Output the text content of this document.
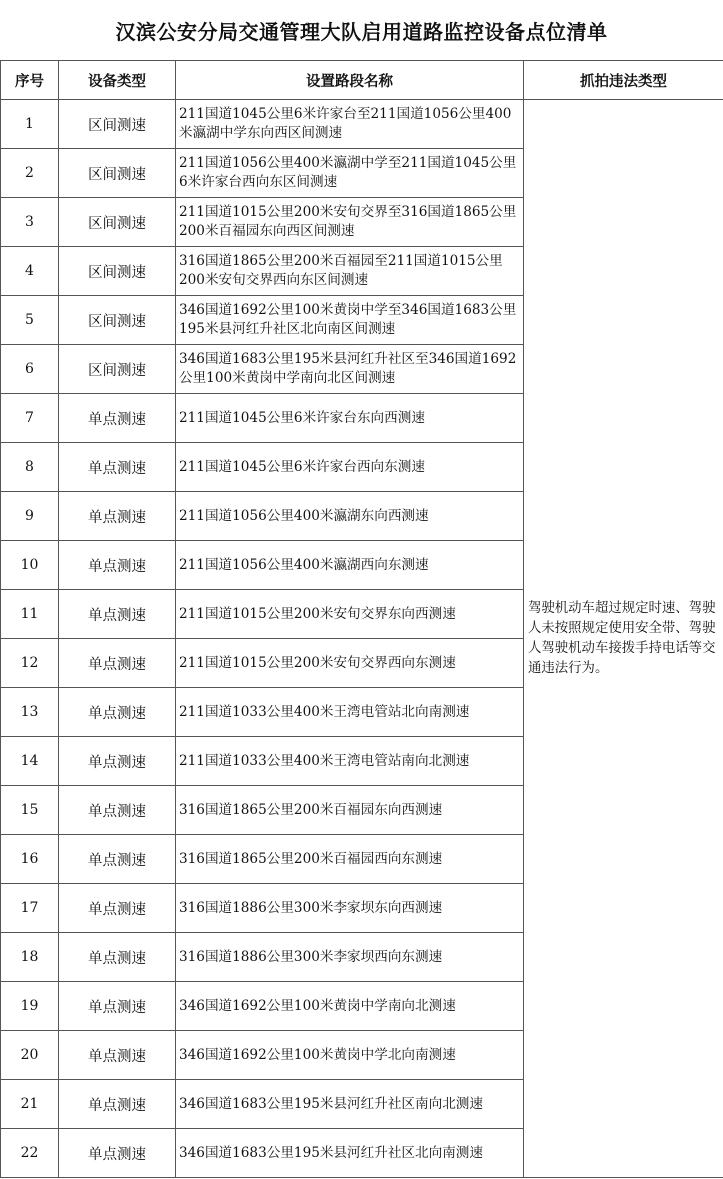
汉滨公安分局交通管理大队启用道路监控设备点位清单
序号	设备类型	设置路段名称	抓拍违法类型
1	区间测速	211国道1045公里6米许家台至211国道1056公里400米瀛湖中学东向西区间测速	驾驶机动车超过规定时速、驾驶人未按照规定使用安全带、驾驶人驾驶机动车接拨手持电话等交通违法行为。
2	区间测速	211国道1056公里400米瀛湖中学至211国道1045公里6米许家台西向东区间测速	
3	区间测速	211国道1015公里200米安旬交界至316国道1865公里200米百福园东向西区间测速	
4	区间测速	316国道1865公里200米百福园至211国道1015公里200米安旬交界西向东区间测速	
5	区间测速	346国道1692公里100米黄岗中学至346国道1683公里195米县河红升社区北向南区间测速	
6	区间测速	346国道1683公里195米县河红升社区至346国道1692公里100米黄岗中学南向北区间测速	
7	单点测速	211国道1045公里6米许家台东向西测速	
8	单点测速	211国道1045公里6米许家台西向东测速	
9	单点测速	211国道1056公里400米瀛湖东向西测速	
10	单点测速	211国道1056公里400米瀛湖西向东测速	
11	单点测速	211国道1015公里200米安旬交界东向西测速	
12	单点测速	211国道1015公里200米安旬交界西向东测速	
13	单点测速	211国道1033公里400米王湾电管站北向南测速	
14	单点测速	211国道1033公里400米王湾电管站南向北测速	
15	单点测速	316国道1865公里200米百福园东向西测速	
16	单点测速	316国道1865公里200米百福园西向东测速	
17	单点测速	316国道1886公里300米李家坝东向西测速	
18	单点测速	316国道1886公里300米李家坝西向东测速	
19	单点测速	346国道1692公里100米黄岗中学南向北测速	
20	单点测速	346国道1692公里100米黄岗中学北向南测速	
21	单点测速	346国道1683公里195米县河红升社区南向北测速	
22	单点测速	346国道1683公里195米县河红升社区北向南测速	
